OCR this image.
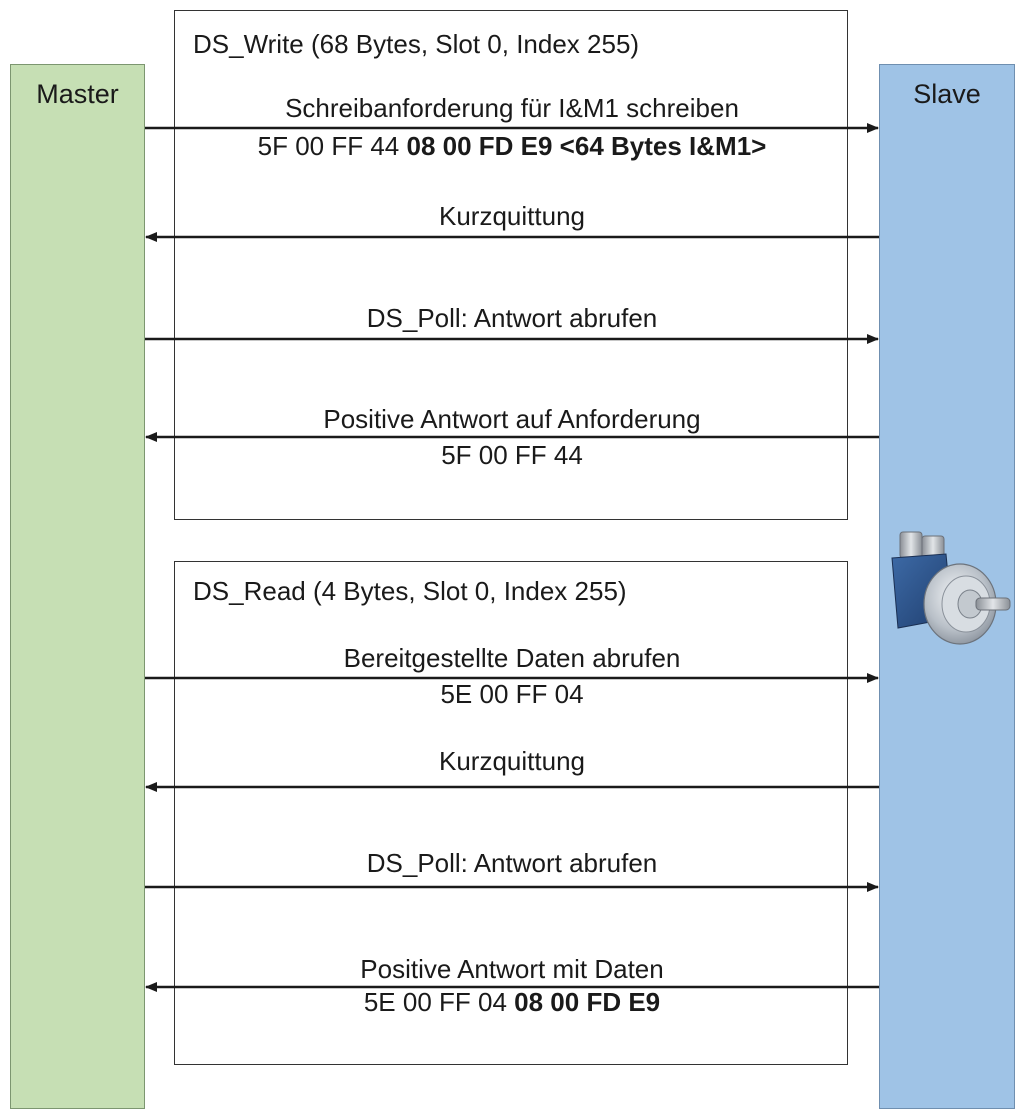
Master	Slave
DS_Write (68 Bytes, Slot 0, Index 255)
DS_Read (4 Bytes, Slot 0, Index 255)
Schreibanforderung für I&M1 schreiben
5F 00 FF 44 08 00 FD E9 <64 Bytes I&M1>
Kurzquittung
DS_Poll: Antwort abrufen
Positive Antwort auf Anforderung
5F 00 FF 44
Bereitgestellte Daten abrufen
5E 00 FF 04
Kurzquittung
DS_Poll: Antwort abrufen
Positive Antwort mit Daten
5E 00 FF 04 08 00 FD E9
